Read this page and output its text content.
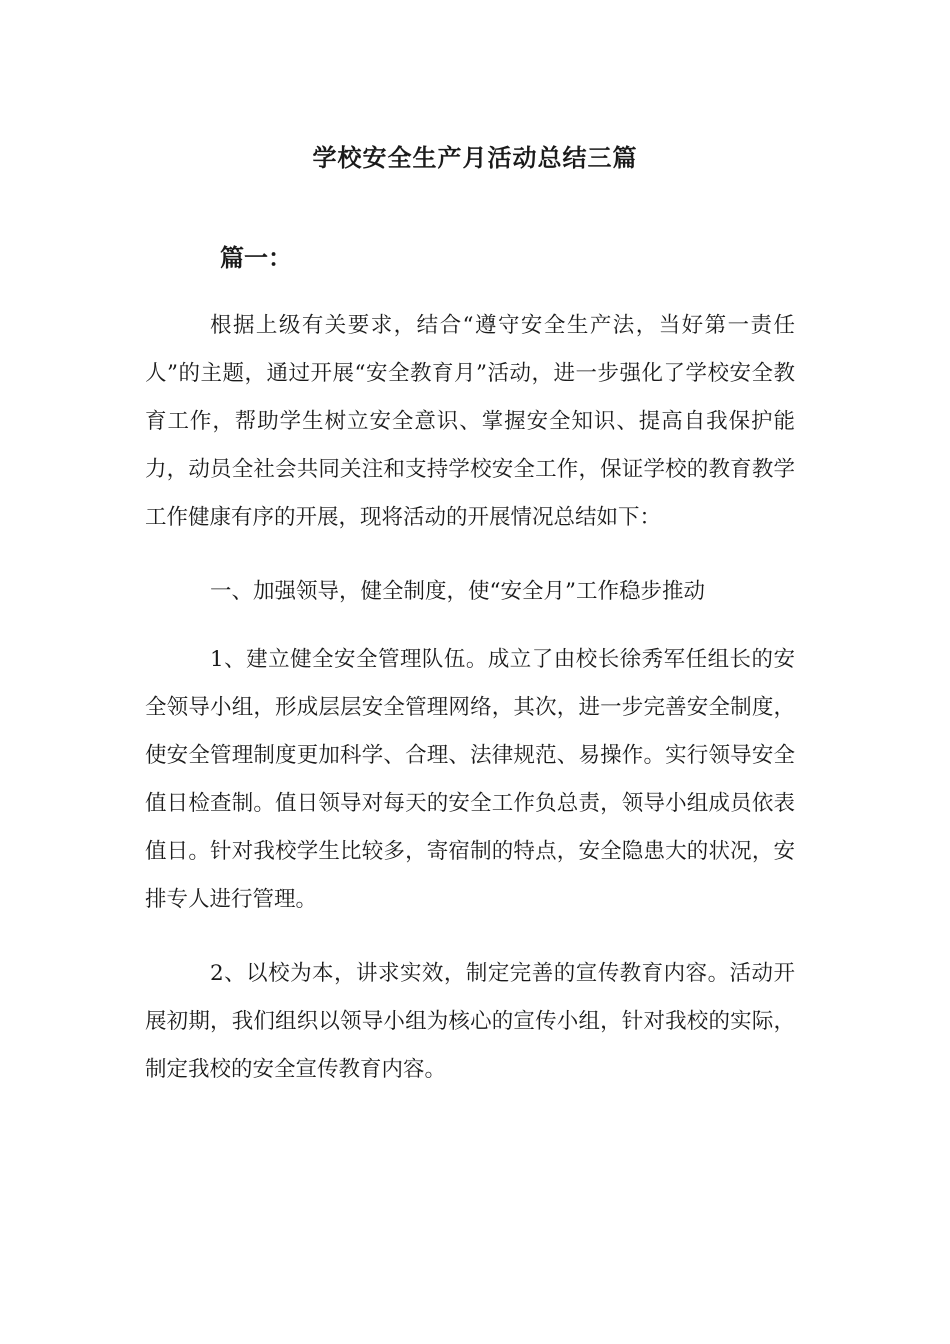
学校安全生产月活动总结三篇
篇一：

根据上级有关要求，结合“遵守安全生产法，当好第一责任人”的主题，通过开展“安全教育月”活动，进一步强化了学校安全教育工作，帮助学生树立安全意识、掌握安全知识、提高自我保护能力，动员全社会共同关注和支持学校安全工作，保证学校的教育教学工作健康有序的开展，现将活动的开展情况总结如下：

一、加强领导，健全制度，使“安全月”工作稳步推动

1、建立健全安全管理队伍。成立了由校长徐秀军任组长的安全领导小组，形成层层安全管理网络，其次，进一步完善安全制度，使安全管理制度更加科学、合理、法律规范、易操作。实行领导安全值日检查制。值日领导对每天的安全工作负总责，领导小组成员依表值日。针对我校学生比较多，寄宿制的特点，安全隐患大的状况，安排专人进行管理。

2、以校为本，讲求实效，制定完善的宣传教育内容。活动开展初期，我们组织以领导小组为核心的宣传小组，针对我校的实际，制定我校的安全宣传教育内容。
